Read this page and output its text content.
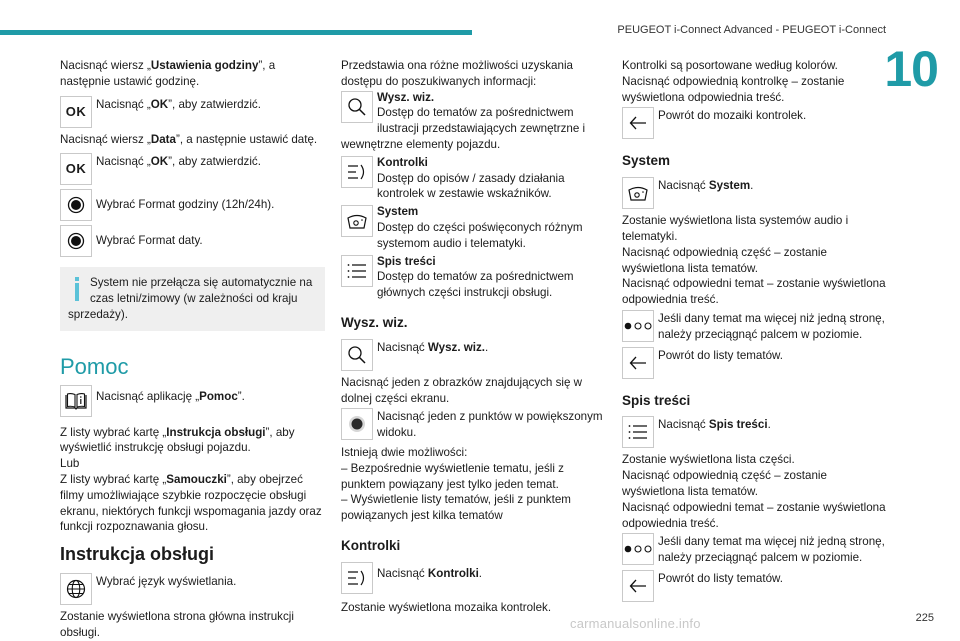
PEUGEOT i-Connect Advanced - PEUGEOT i-Connect
10

Nacisnąć wiersz „Ustawienia godziny”, a następnie ustawić godzinę.

OK Nacisnąć „OK”, aby zatwierdzić.

Nacisnąć wiersz „Data”, a następnie ustawić datę.

OK Nacisnąć „OK”, aby zatwierdzić.
Wybrać Format godziny (12h/24h).
Wybrać Format daty.
System nie przełącza się automatycznie na czas letni/zimowy (w zależności od kraju sprzedaży).
Pomoc
Nacisnąć aplikację „Pomoc”.

Z listy wybrać kartę „Instrukcja obsługi”, aby wyświetlić instrukcję obsługi pojazdu.

Lub

Z listy wybrać kartę „Samouczki”, aby obejrzeć filmy umożliwiające szybkie rozpoczęcie obsługi ekranu, niektórych funkcji wspomagania jazdy oraz funkcji rozpoznawania głosu.

Instrukcja obsługi
Wybrać język wyświetlania.

Zostanie wyświetlona strona główna instrukcji obsługi.

Przedstawia ona różne możliwości uzyskania dostępu do poszukiwanych informacji:

Wysz. wiz.
Dostęp do tematów za pośrednictwem ilustracji przedstawiających zewnętrzne i wewnętrzne elementy pojazdu.
Kontrolki
Dostęp do opisów / zasady działania kontrolek w zestawie wskaźników.
System
Dostęp do części poświęconych różnym systemom audio i telematyki.
Spis treści
Dostęp do tematów za pośrednictwem głównych części instrukcji obsługi.
Wysz. wiz.
Nacisnąć Wysz. wiz..

Nacisnąć jeden z obrazków znajdujących się w dolnej części ekranu.

Nacisnąć jeden z punktów w powiększonym widoku.

Istnieją dwie możliwości:

– Bezpośrednie wyświetlenie tematu, jeśli z punktem powiązany jest tylko jeden temat.

– Wyświetlenie listy tematów, jeśli z punktem powiązanych jest kilka tematów

Kontrolki
Nacisnąć Kontrolki.

Zostanie wyświetlona mozaika kontrolek.

Kontrolki są posortowane według kolorów.

Nacisnąć odpowiednią kontrolkę – zostanie wyświetlona odpowiednia treść.

Powrót do mozaiki kontrolek.
System
Nacisnąć System.

Zostanie wyświetlona lista systemów audio i telematyki.

Nacisnąć odpowiednią część – zostanie wyświetlona lista tematów.

Nacisnąć odpowiedni temat – zostanie wyświetlona odpowiednia treść.

Jeśli dany temat ma więcej niż jedną stronę, należy przeciągnąć palcem w poziomie.
Powrót do listy tematów.
Spis treści
Nacisnąć Spis treści.

Zostanie wyświetlona lista części.

Nacisnąć odpowiednią część – zostanie wyświetlona lista tematów.

Nacisnąć odpowiedni temat – zostanie wyświetlona odpowiednia treść.

Jeśli dany temat ma więcej niż jedną stronę, należy przeciągnąć palcem w poziomie.
Powrót do listy tematów.
carmanualsonline.info	225
